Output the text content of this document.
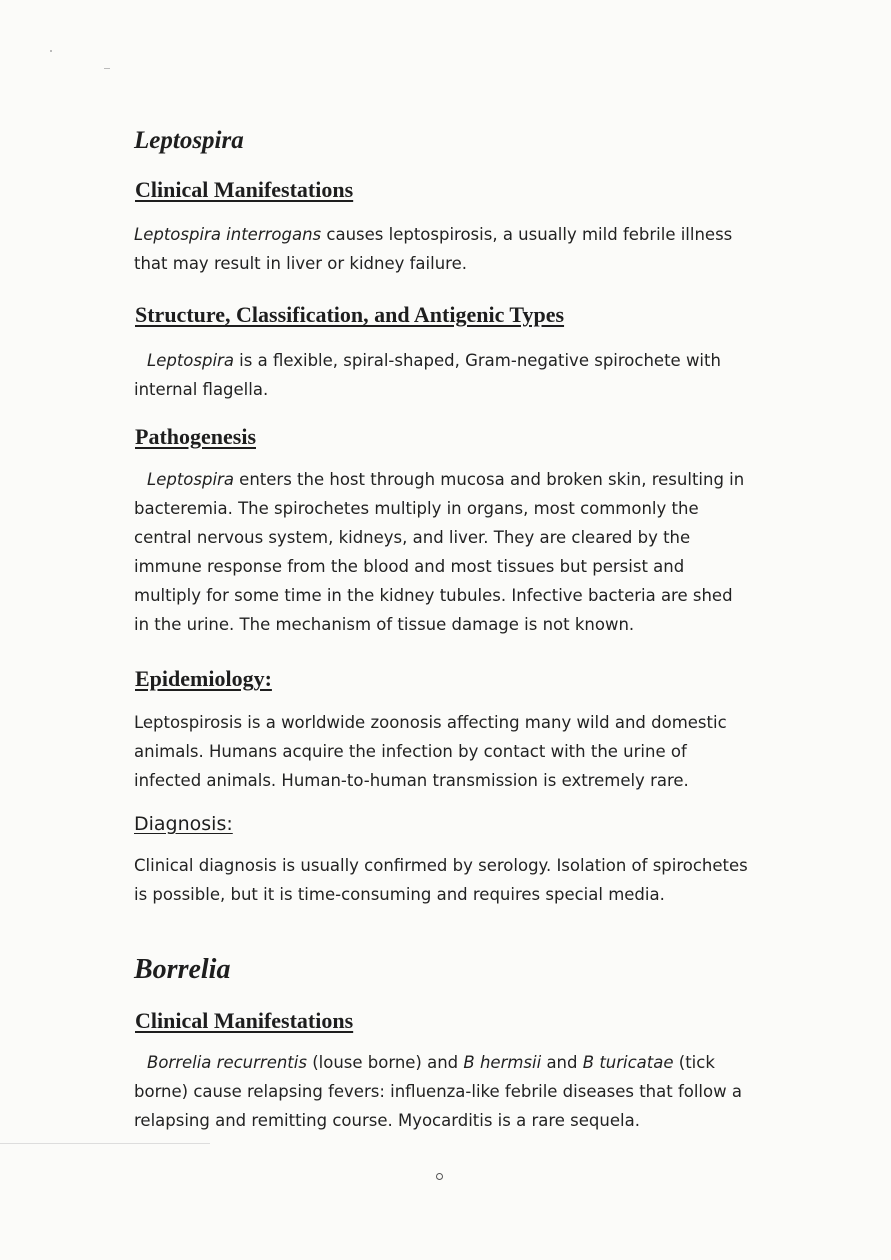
Leptospira
Clinical Manifestations

Leptospira interrogans causes leptospirosis, a usually mild febrile illness that may result in liver or kidney failure.

Structure, Classification, and Antigenic Types

Leptospira is a flexible, spiral-shaped, Gram-negative spirochete with internal flagella.

Pathogenesis

Leptospira enters the host through mucosa and broken skin, resulting in bacteremia. The spirochetes multiply in organs, most commonly the central nervous system, kidneys, and liver. They are cleared by the immune response from the blood and most tissues but persist and multiply for some time in the kidney tubules. Infective bacteria are shed in the urine. The mechanism of tissue damage is not known.

Epidemiology:

Leptospirosis is a worldwide zoonosis affecting many wild and domestic animals. Humans acquire the infection by contact with the urine of infected animals. Human-to-human transmission is extremely rare.

Diagnosis:

Clinical diagnosis is usually confirmed by serology. Isolation of spirochetes is possible, but it is time-consuming and requires special media.

Borrelia
Clinical Manifestations

Borrelia recurrentis (louse borne) and B hermsii and B turicatae (tick borne) cause relapsing fevers: influenza-like febrile diseases that follow a relapsing and remitting course. Myocarditis is a rare sequela.
